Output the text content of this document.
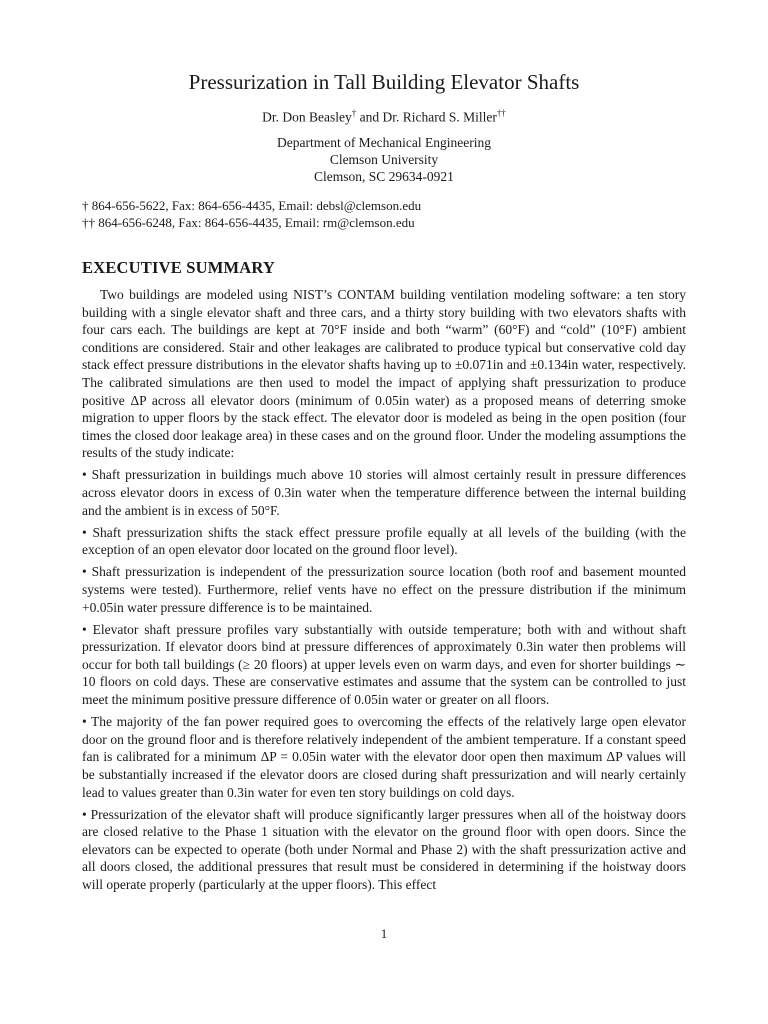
Pressurization in Tall Building Elevator Shafts
Dr. Don Beasley† and Dr. Richard S. Miller††
Department of Mechanical Engineering
Clemson University
Clemson, SC 29634-0921
† 864-656-5622, Fax: 864-656-4435, Email: debsl@clemson.edu
†† 864-656-6248, Fax: 864-656-4435, Email: rm@clemson.edu
EXECUTIVE SUMMARY

Two buildings are modeled using NIST’s CONTAM building ventilation modeling software: a ten story building with a single elevator shaft and three cars, and a thirty story building with two elevators shafts with four cars each. The buildings are kept at 70°F inside and both “warm” (60°F) and “cold” (10°F) ambient conditions are considered. Stair and other leakages are calibrated to produce typical but conservative cold day stack effect pressure distributions in the elevator shafts having up to ±0.071in and ±0.134in water, respectively. The calibrated simulations are then used to model the impact of applying shaft pressurization to produce positive ΔP across all elevator doors (minimum of 0.05in water) as a proposed means of deterring smoke migration to upper floors by the stack effect. The elevator door is modeled as being in the open position (four times the closed door leakage area) in these cases and on the ground floor. Under the modeling assumptions the results of the study indicate:

• Shaft pressurization in buildings much above 10 stories will almost certainly result in pressure differences across elevator doors in excess of 0.3in water when the temperature difference between the internal building and the ambient is in excess of 50°F.

• Shaft pressurization shifts the stack effect pressure profile equally at all levels of the building (with the exception of an open elevator door located on the ground floor level).

• Shaft pressurization is independent of the pressurization source location (both roof and basement mounted systems were tested). Furthermore, relief vents have no effect on the pressure distribution if the minimum +0.05in water pressure difference is to be maintained.

• Elevator shaft pressure profiles vary substantially with outside temperature; both with and without shaft pressurization. If elevator doors bind at pressure differences of approximately 0.3in water then problems will occur for both tall buildings (≥ 20 floors) at upper levels even on warm days, and even for shorter buildings ∼ 10 floors on cold days. These are conservative estimates and assume that the system can be controlled to just meet the minimum positive pressure difference of 0.05in water or greater on all floors.

• The majority of the fan power required goes to overcoming the effects of the relatively large open elevator door on the ground floor and is therefore relatively independent of the ambient temperature. If a constant speed fan is calibrated for a minimum ΔP = 0.05in water with the elevator door open then maximum ΔP values will be substantially increased if the elevator doors are closed during shaft pressurization and will nearly certainly lead to values greater than 0.3in water for even ten story buildings on cold days.

• Pressurization of the elevator shaft will produce significantly larger pressures when all of the hoistway doors are closed relative to the Phase 1 situation with the elevator on the ground floor with open doors. Since the elevators can be expected to operate (both under Normal and Phase 2) with the shaft pressurization active and all doors closed, the additional pressures that result must be considered in determining if the hoistway doors will operate properly (particularly at the upper floors). This effect

1
